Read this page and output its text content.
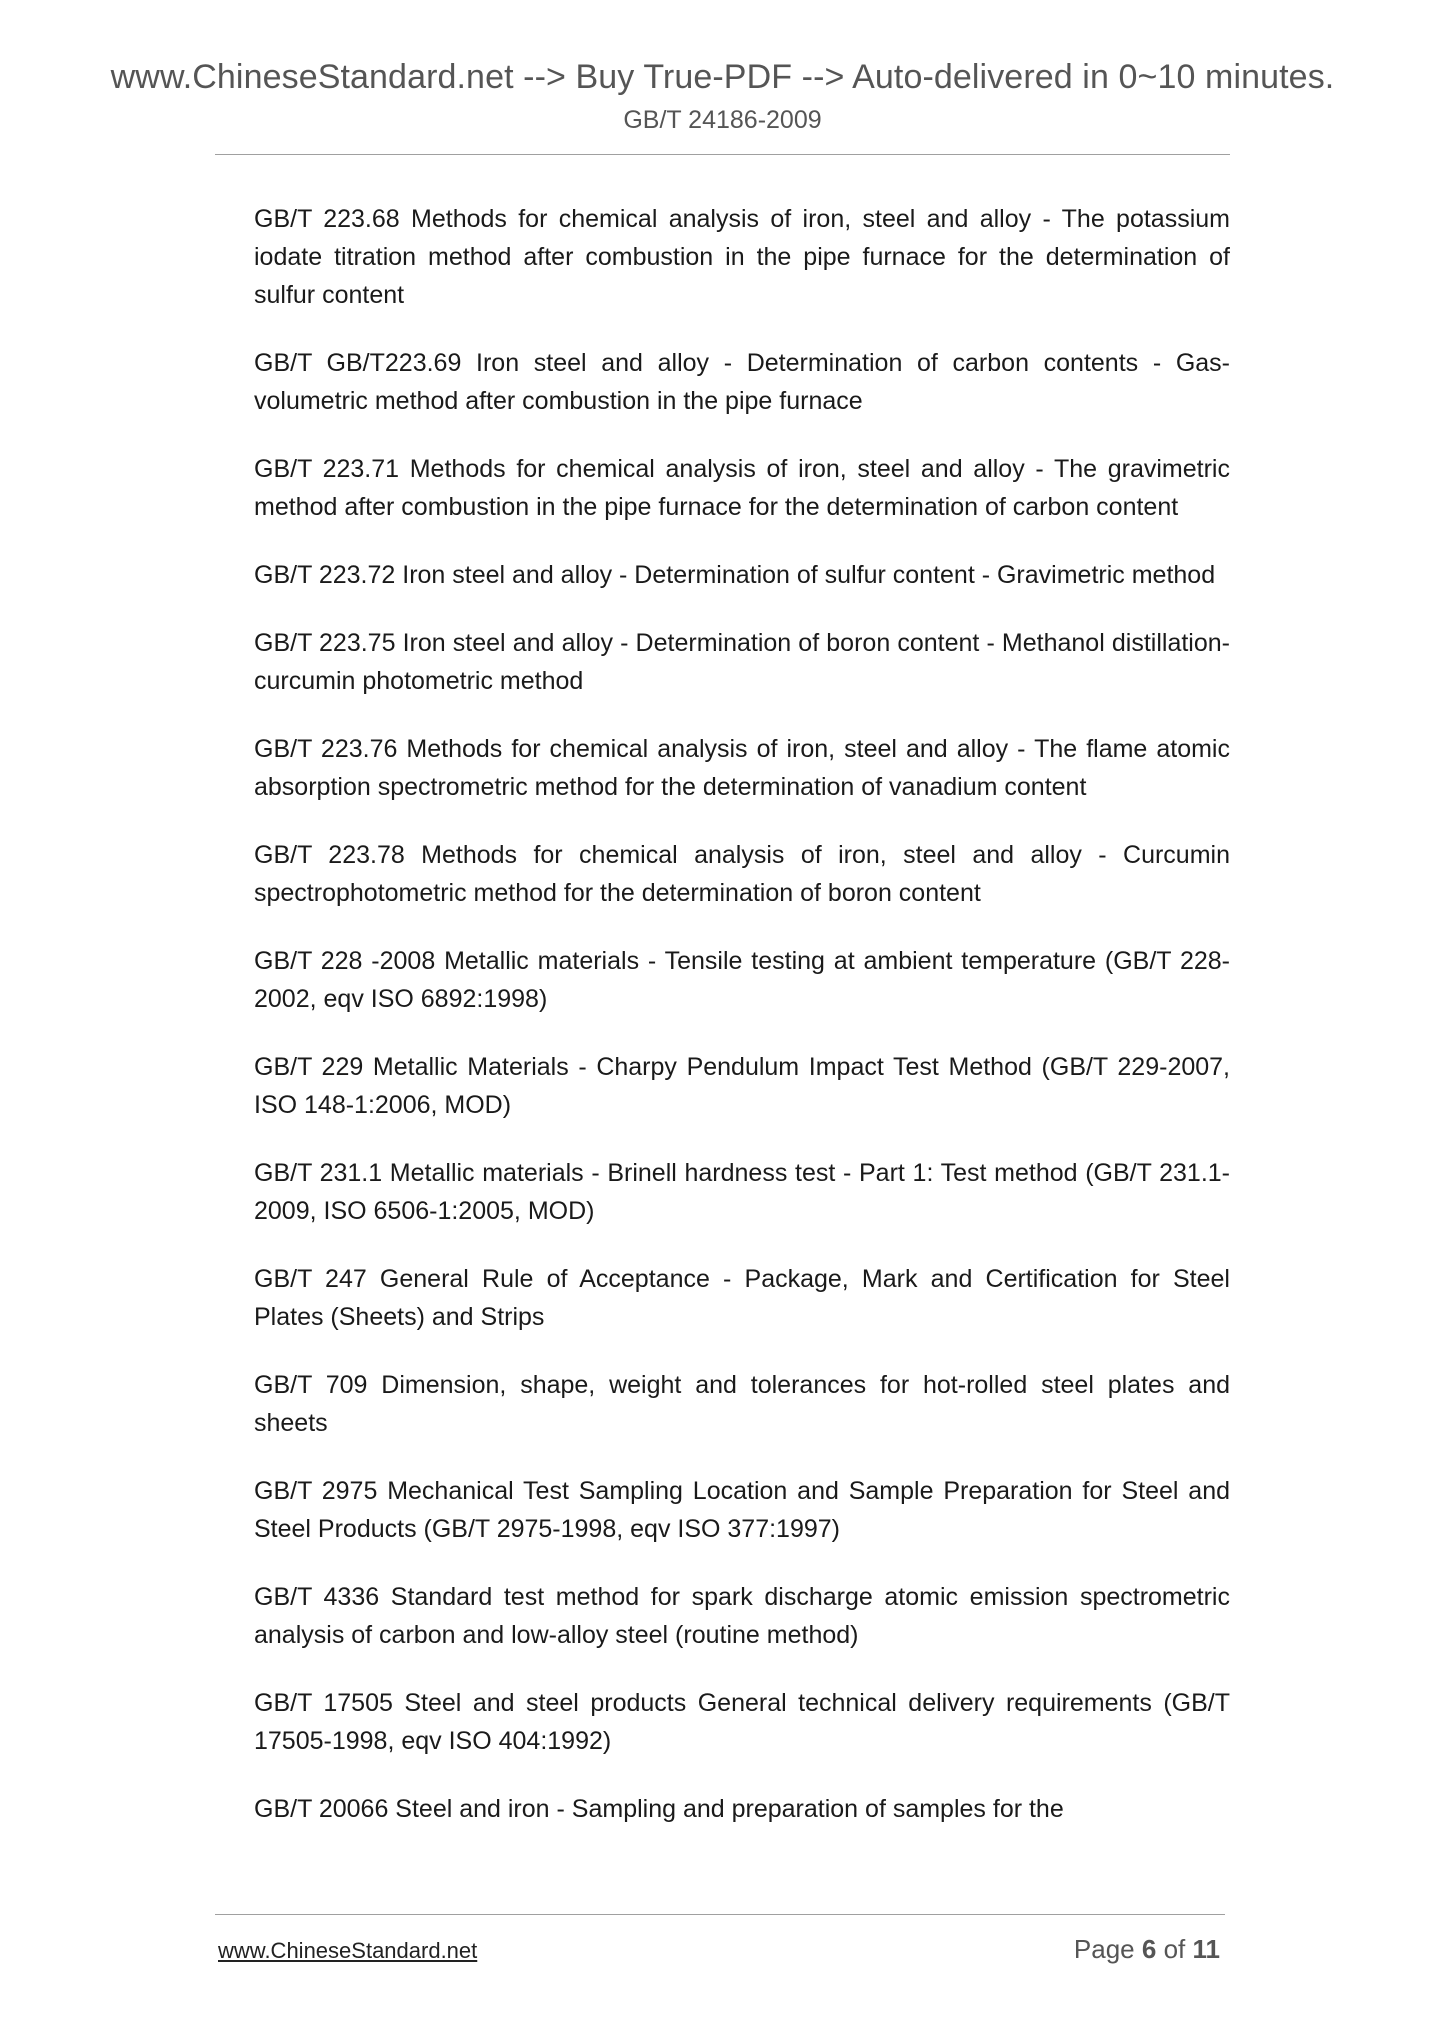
www.ChineseStandard.net --> Buy True-PDF --> Auto-delivered in 0~10 minutes.
GB/T 24186-2009
GB/T 223.68 Methods for chemical analysis of iron, steel and alloy - The potassium iodate titration method after combustion in the pipe furnace for the determination of sulfur content
GB/T GB/T223.69 Iron steel and alloy - Determination of carbon contents - Gas-volumetric method after combustion in the pipe furnace
GB/T 223.71 Methods for chemical analysis of iron, steel and alloy - The gravimetric method after combustion in the pipe furnace for the determination of carbon content
GB/T 223.72 Iron steel and alloy - Determination of sulfur content - Gravimetric method
GB/T 223.75 Iron steel and alloy - Determination of boron content - Methanol distillation-curcumin photometric method
GB/T 223.76 Methods for chemical analysis of iron, steel and alloy - The flame atomic absorption spectrometric method for the determination of vanadium content
GB/T 223.78 Methods for chemical analysis of iron, steel and alloy - Curcumin spectrophotometric method for the determination of boron content
GB/T 228 -2008 Metallic materials - Tensile testing at ambient temperature (GB/T 228- 2002, eqv ISO 6892:1998)
GB/T 229 Metallic Materials - Charpy Pendulum Impact Test Method (GB/T 229-2007, ISO 148-1:2006, MOD)
GB/T 231.1 Metallic materials - Brinell hardness test - Part 1: Test method (GB/T 231.1-2009, ISO 6506-1:2005, MOD)
GB/T 247 General Rule of Acceptance - Package, Mark and Certification for Steel Plates (Sheets) and Strips
GB/T 709 Dimension, shape, weight and tolerances for hot-rolled steel plates and sheets
GB/T 2975 Mechanical Test Sampling Location and Sample Preparation for Steel and Steel Products (GB/T 2975-1998, eqv ISO 377:1997)
GB/T 4336 Standard test method for spark discharge atomic emission spectrometric analysis of carbon and low-alloy steel (routine method)
GB/T 17505 Steel and steel products General technical delivery requirements (GB/T 17505-1998, eqv ISO 404:1992)
GB/T 20066 Steel and iron - Sampling and preparation of samples for the
www.ChineseStandard.net	Page 6 of 11
